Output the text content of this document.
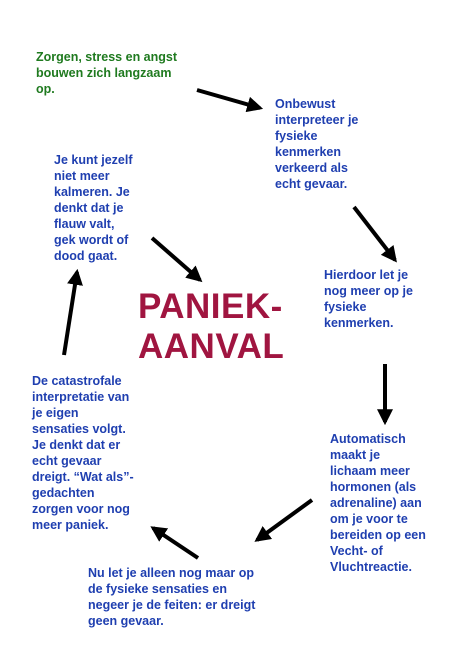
PANIEK-
AANVAL
Zorgen, stress en angst
bouwen zich langzaam
op.
Onbewust
interpreteer je
fysieke
kenmerken
verkeerd als
echt gevaar.
Hierdoor let je
nog meer op je
fysieke
kenmerken.
Automatisch
maakt je
lichaam meer
hormonen (als
adrenaline) aan
om je voor te
bereiden op een
Vecht- of
Vluchtreactie.
Nu let je alleen nog maar op
de fysieke sensaties en
negeer je de feiten: er dreigt
geen gevaar.
De catastrofale
interpretatie van
je eigen
sensaties volgt.
Je denkt dat er
echt gevaar
dreigt. “Wat als”-
gedachten
zorgen voor nog
meer paniek.
Je kunt jezelf
niet meer
kalmeren. Je
denkt dat je
flauw valt,
gek wordt of
dood gaat.
